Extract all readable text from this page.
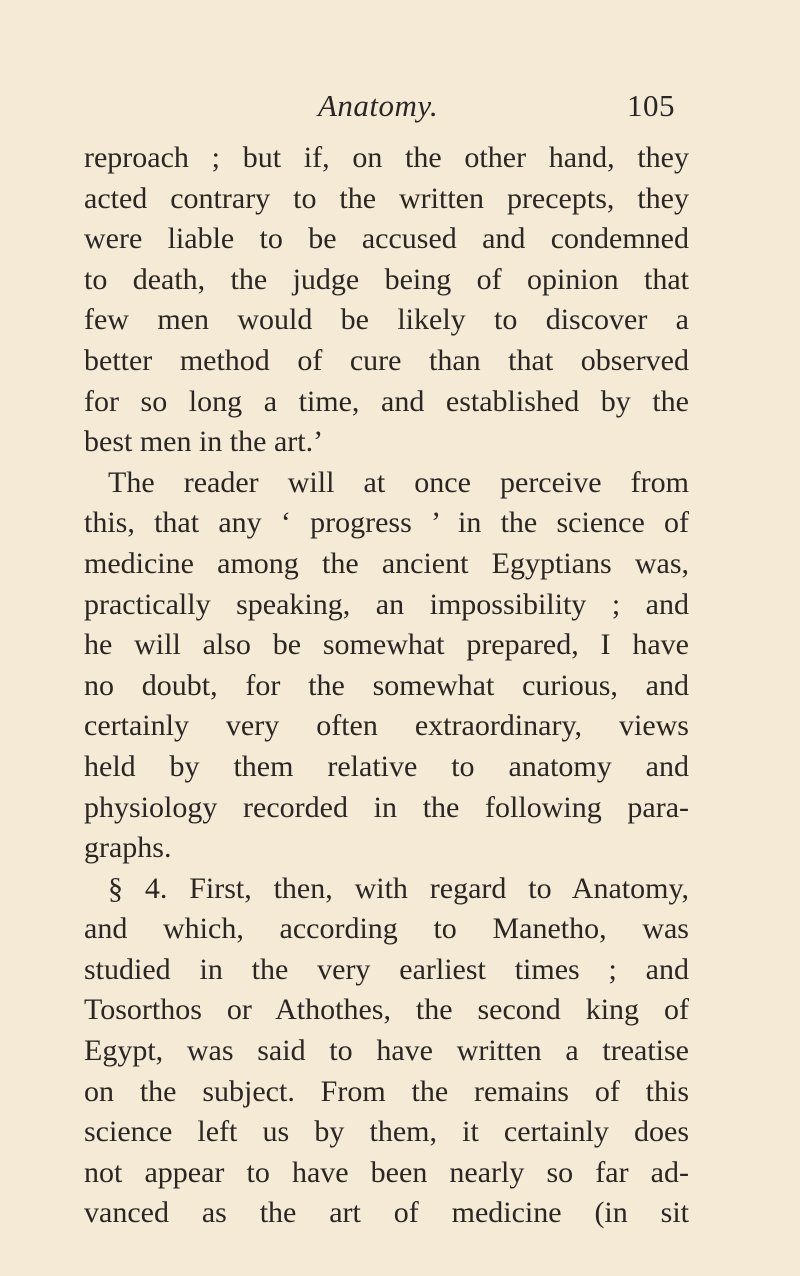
Anatomy.	105
reproach ; but if, on the other hand, they
acted contrary to the written precepts, they
were liable to be accused and condemned
to death, the judge being of opinion that
few men would be likely to discover a
better method of cure than that observed
for so long a time, and established by the
best men in the art.’
The reader will at once perceive from
this, that any ‘ progress ’ in the science of
medicine among the ancient Egyptians was,
practically speaking, an impossibility ; and
he will also be somewhat prepared, I have
no doubt, for the somewhat curious, and
certainly very often extraordinary, views
held by them relative to anatomy and
physiology recorded in the following para-
graphs.
§ 4. First, then, with regard to Anatomy,
and which, according to Manetho, was
studied in the very earliest times ; and
Tosorthos or Athothes, the second king of
Egypt, was said to have written a treatise
on the subject. From the remains of this
science left us by them, it certainly does
not appear to have been nearly so far ad-
vanced as the art of medicine (in sit
